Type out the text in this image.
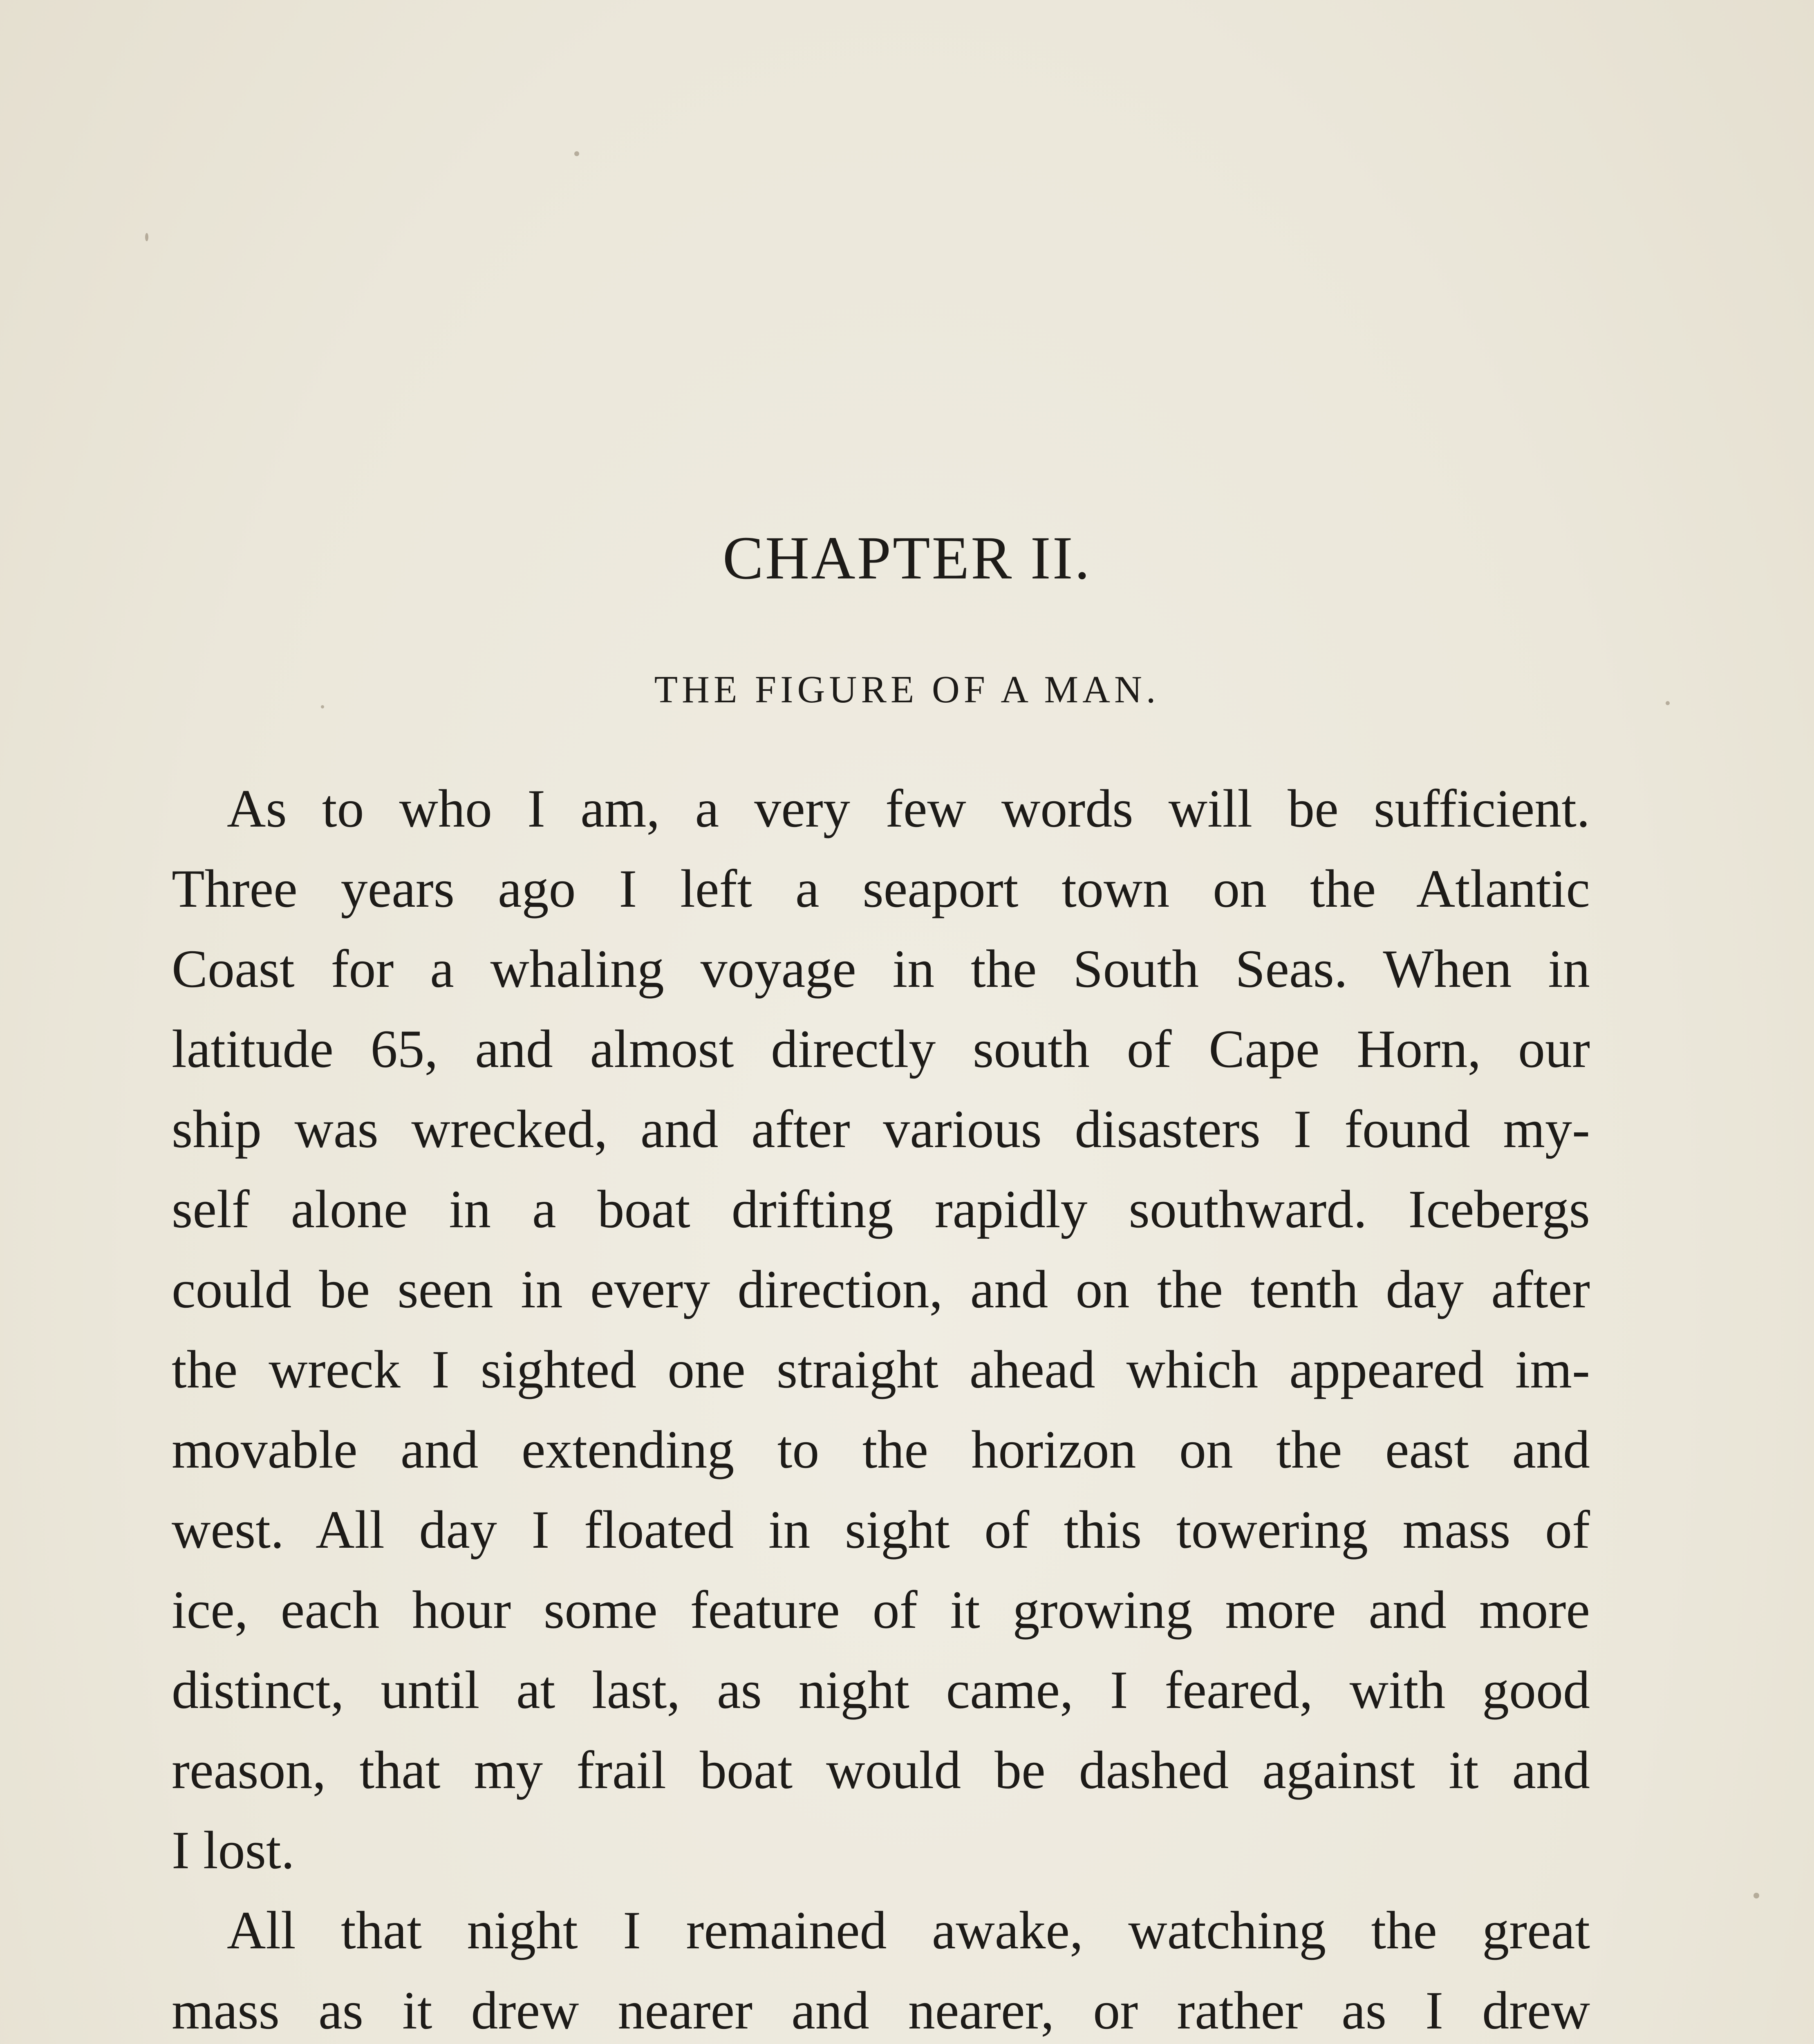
CHAPTER II.
THE FIGURE OF A MAN.
As to who I am, a very few words will be sufficient.
Three years ago I left a seaport town on the Atlantic
Coast for a whaling voyage in the South Seas. When in
latitude 65, and almost directly south of Cape Horn, our
ship was wrecked, and after various disasters I found my-
self alone in a boat drifting rapidly southward. Icebergs
could be seen in every direction, and on the tenth day after
the wreck I sighted one straight ahead which appeared im-
movable and extending to the horizon on the east and
west. All day I floated in sight of this towering mass of
ice, each hour some feature of it growing more and more
distinct, until at last, as night came, I feared, with good
reason, that my frail boat would be dashed against it and
I lost.
All that night I remained awake, watching the great
mass as it drew nearer and nearer, or rather as I drew
